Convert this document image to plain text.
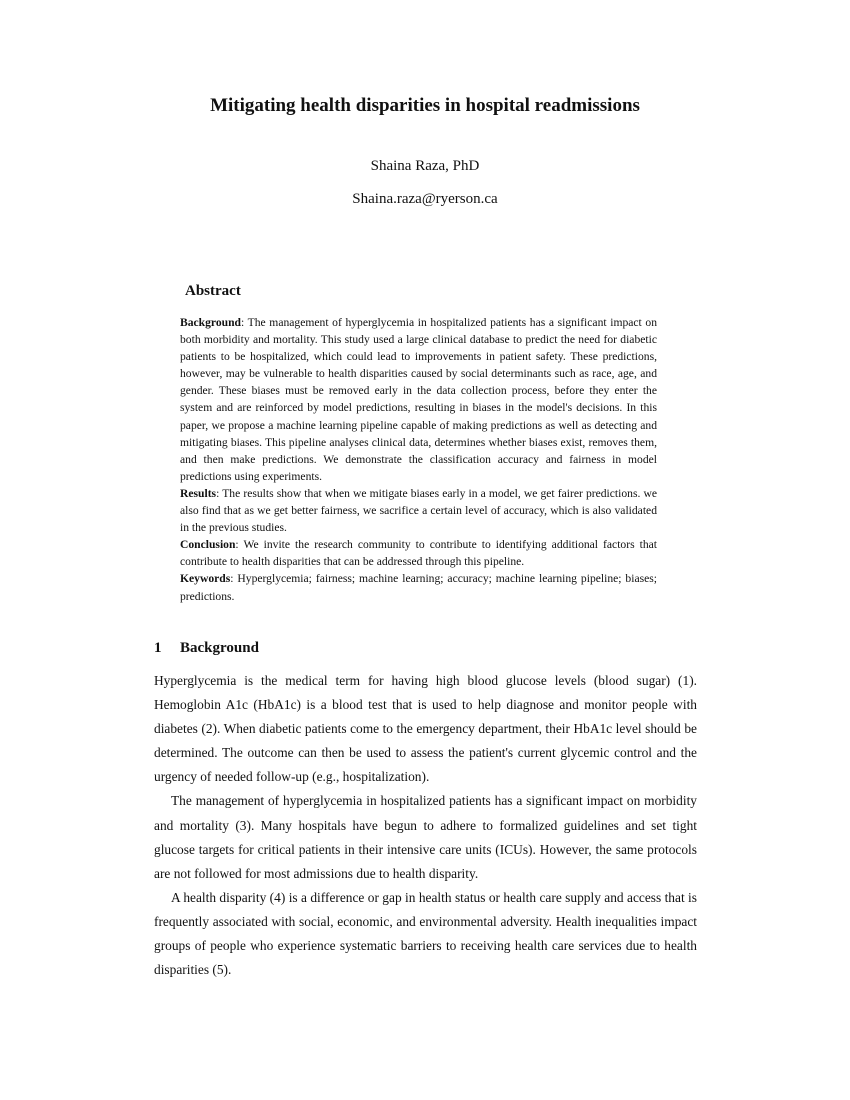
Mitigating health disparities in hospital readmissions
Shaina Raza, PhD
Shaina.raza@ryerson.ca
Abstract

Background: The management of hyperglycemia in hospitalized patients has a significant impact on both morbidity and mortality. This study used a large clinical database to predict the need for diabetic patients to be hospitalized, which could lead to improvements in patient safety. These predictions, however, may be vulnerable to health disparities caused by social determinants such as race, age, and gender. These biases must be removed early in the data collection process, before they enter the system and are reinforced by model predictions, resulting in biases in the model's decisions. In this paper, we propose a machine learning pipeline capable of making predictions as well as detecting and mitigating biases. This pipeline analyses clinical data, determines whether biases exist, removes them, and then make predictions. We demonstrate the classification accuracy and fairness in model predictions using experiments.

Results: The results show that when we mitigate biases early in a model, we get fairer predictions. we also find that as we get better fairness, we sacrifice a certain level of accuracy, which is also validated in the previous studies.

Conclusion: We invite the research community to contribute to identifying additional factors that contribute to health disparities that can be addressed through this pipeline.

Keywords: Hyperglycemia; fairness; machine learning; accuracy; machine learning pipeline; biases; predictions.

1 Background

Hyperglycemia is the medical term for having high blood glucose levels (blood sugar) (1). Hemoglobin A1c (HbA1c) is a blood test that is used to help diagnose and monitor people with diabetes (2). When diabetic patients come to the emergency department, their HbA1c level should be determined. The outcome can then be used to assess the patient's current glycemic control and the urgency of needed follow-up (e.g., hospitalization).

The management of hyperglycemia in hospitalized patients has a significant impact on morbidity and mortality (3). Many hospitals have begun to adhere to formalized guidelines and set tight glucose targets for critical patients in their intensive care units (ICUs). However, the same protocols are not followed for most admissions due to health disparity.

A health disparity (4) is a difference or gap in health status or health care supply and access that is frequently associated with social, economic, and environmental adversity. Health inequalities impact groups of people who experience systematic barriers to receiving health care services due to health disparities (5).
